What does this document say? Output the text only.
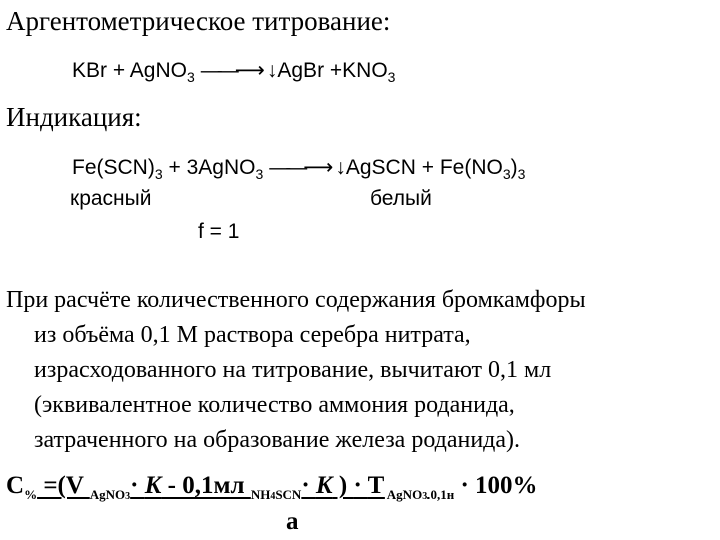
Аргентометрическое титрование:
KBr + AgNO$_3$ ——⟶ ↓AgBr $+KNO_3$
Индикация:
$Fe(SCN)_3$ + 3AgNO$_3$ ——⟶ ↓AgSCN + $Fe(NO_3)_3$
красный	белый
f = 1
При расчёте количественного содержания бромкамфоры
из объёма 0,1 М раствора серебра нитрата,
израсходованного на титрование, вычитают 0,1 мл
(эквивалентное количество аммония роданида,
затраченного на образование железа роданида).
$C_{\%} =(V$ $_{AgNO3}$· K - 0,1мл $_{NH4SCN}$· K ) · T $_{AgNO3}$ $_{0,1н}$ · 100%
a
